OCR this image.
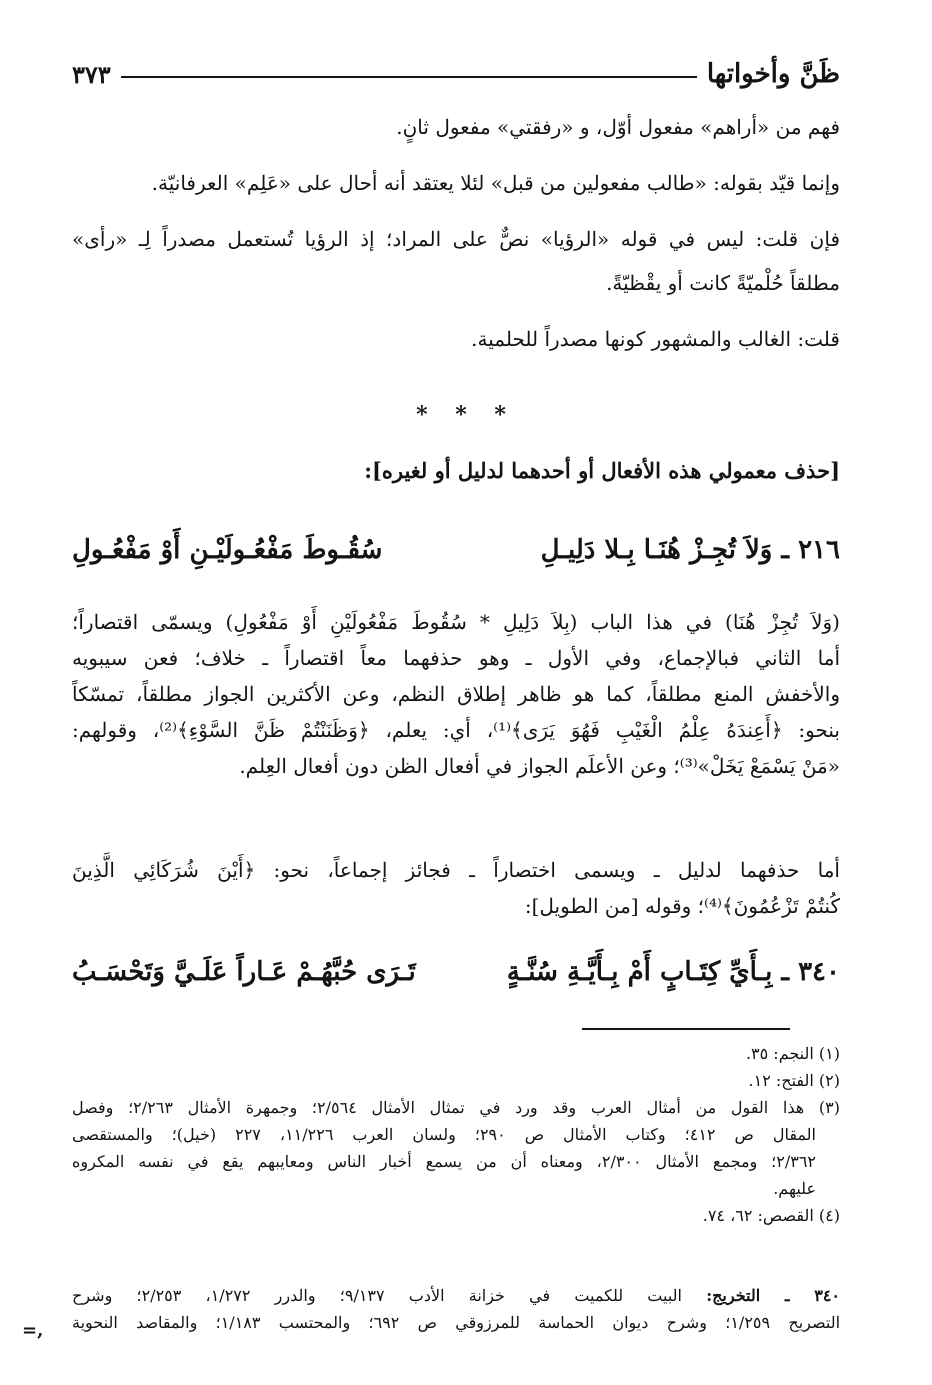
ظَنَّ وأخواتها
٣٧٣
فهم من «أراهم» مفعول أوّل، و «رفقتي» مفعول ثانٍ.
وإنما قيّد بقوله: «طالب مفعولين من قبل» لئلا يعتقد أنه أحال على «عَلِم» العرفانيّة.
فإن قلت: ليس في قوله «الرؤيا» نصٌّ على المراد؛ إذ الرؤيا تُستعمل مصدراً لِـ «رأى»
مطلقاً حُلْميّةً كانت أو يقْظيّةً.
قلت: الغالب والمشهور كونها مصدراً للحلمية.
* * *
[حذف معمولي هذه الأفعال أو أحدهما لدليل أو لغيره]:
٢١٦ ـ وَلاَ تُجِـزْ هُنَـا بِـلا دَلِيـلِ
سُقُـوطَ مَفْعُـولَيْـنِ أَوْ مَفْعُـولِ
(وَلاَ تُجِزْ هُنَا) في هذا الباب (بِلاَ دَلِيلِ * سُقُوطَ مَفْعُولَيْنِ أَوْ مَفْعُولِ) ويسمّى اقتصاراً؛
أما الثاني فبالإجماع، وفي الأول ـ وهو حذفهما معاً اقتصاراً ـ خلاف؛ فعن سيبويه
والأخفش المنع مطلقاً، كما هو ظاهر إطلاق النظم، وعن الأكثرين الجواز مطلقاً، تمسّكاً
بنحو: ﴿أَعِندَهُ عِلْمُ الْغَيْبِ فَهُوَ يَرَى﴾⁽¹⁾، أي: يعلم، ﴿وَظَنَنْتُمْ ظَنَّ السَّوْءِ﴾⁽²⁾، وقولهم:
«مَنْ يَسْمَعْ يَخَلْ»⁽³⁾؛ وعن الأعلَم الجواز في أفعال الظن دون أفعال العِلم.
أما حذفهما لدليل ـ ويسمى اختصاراً ـ فجائز إجماعاً، نحو: ﴿أَيْنَ شُرَكَائِي الَّذِينَ
كُنتُمْ تَزْعُمُونَ﴾⁽⁴⁾؛ وقوله [من الطويل]:
٣٤٠ ـ بِـأَيِّ كِتَـابٍ أَمْ بِـأَيَّـةِ سُنَّـةٍ
تَـرَى حُبَّهُـمْ عَـاراً عَلَـيَّ وَتَحْسَـبُ
(١) النجم: ٣٥.
(٢) الفتح: ١٢.
(٣) هذا القول من أمثال العرب وقد ورد في تمثال الأمثال ٢/٥٦٤؛ وجمهرة الأمثال ٢/٢٦٣؛ وفصل
المقال ص ٤١٢؛ وكتاب الأمثال ص ٢٩٠؛ ولسان العرب ١١/٢٢٦، ٢٢٧ (خيل)؛ والمستقصى
٢/٣٦٢؛ ومجمع الأمثال ٢/٣٠٠، ومعناه أن من يسمع أخبار الناس ومعايبهم يقع في نفسه المكروه
عليهم.
(٤) القصص: ٦٢، ٧٤.
٣٤٠ ـ التخريج: البيت للكميت في خزانة الأدب ٩/١٣٧؛ والدرر ١/٢٧٢، ٢/٢٥٣؛ وشرح
التصريح ١/٢٥٩؛ وشرح ديوان الحماسة للمرزوقي ص ٦٩٢؛ والمحتسب ١/١٨٣؛ والمقاصد النحوية
=,
